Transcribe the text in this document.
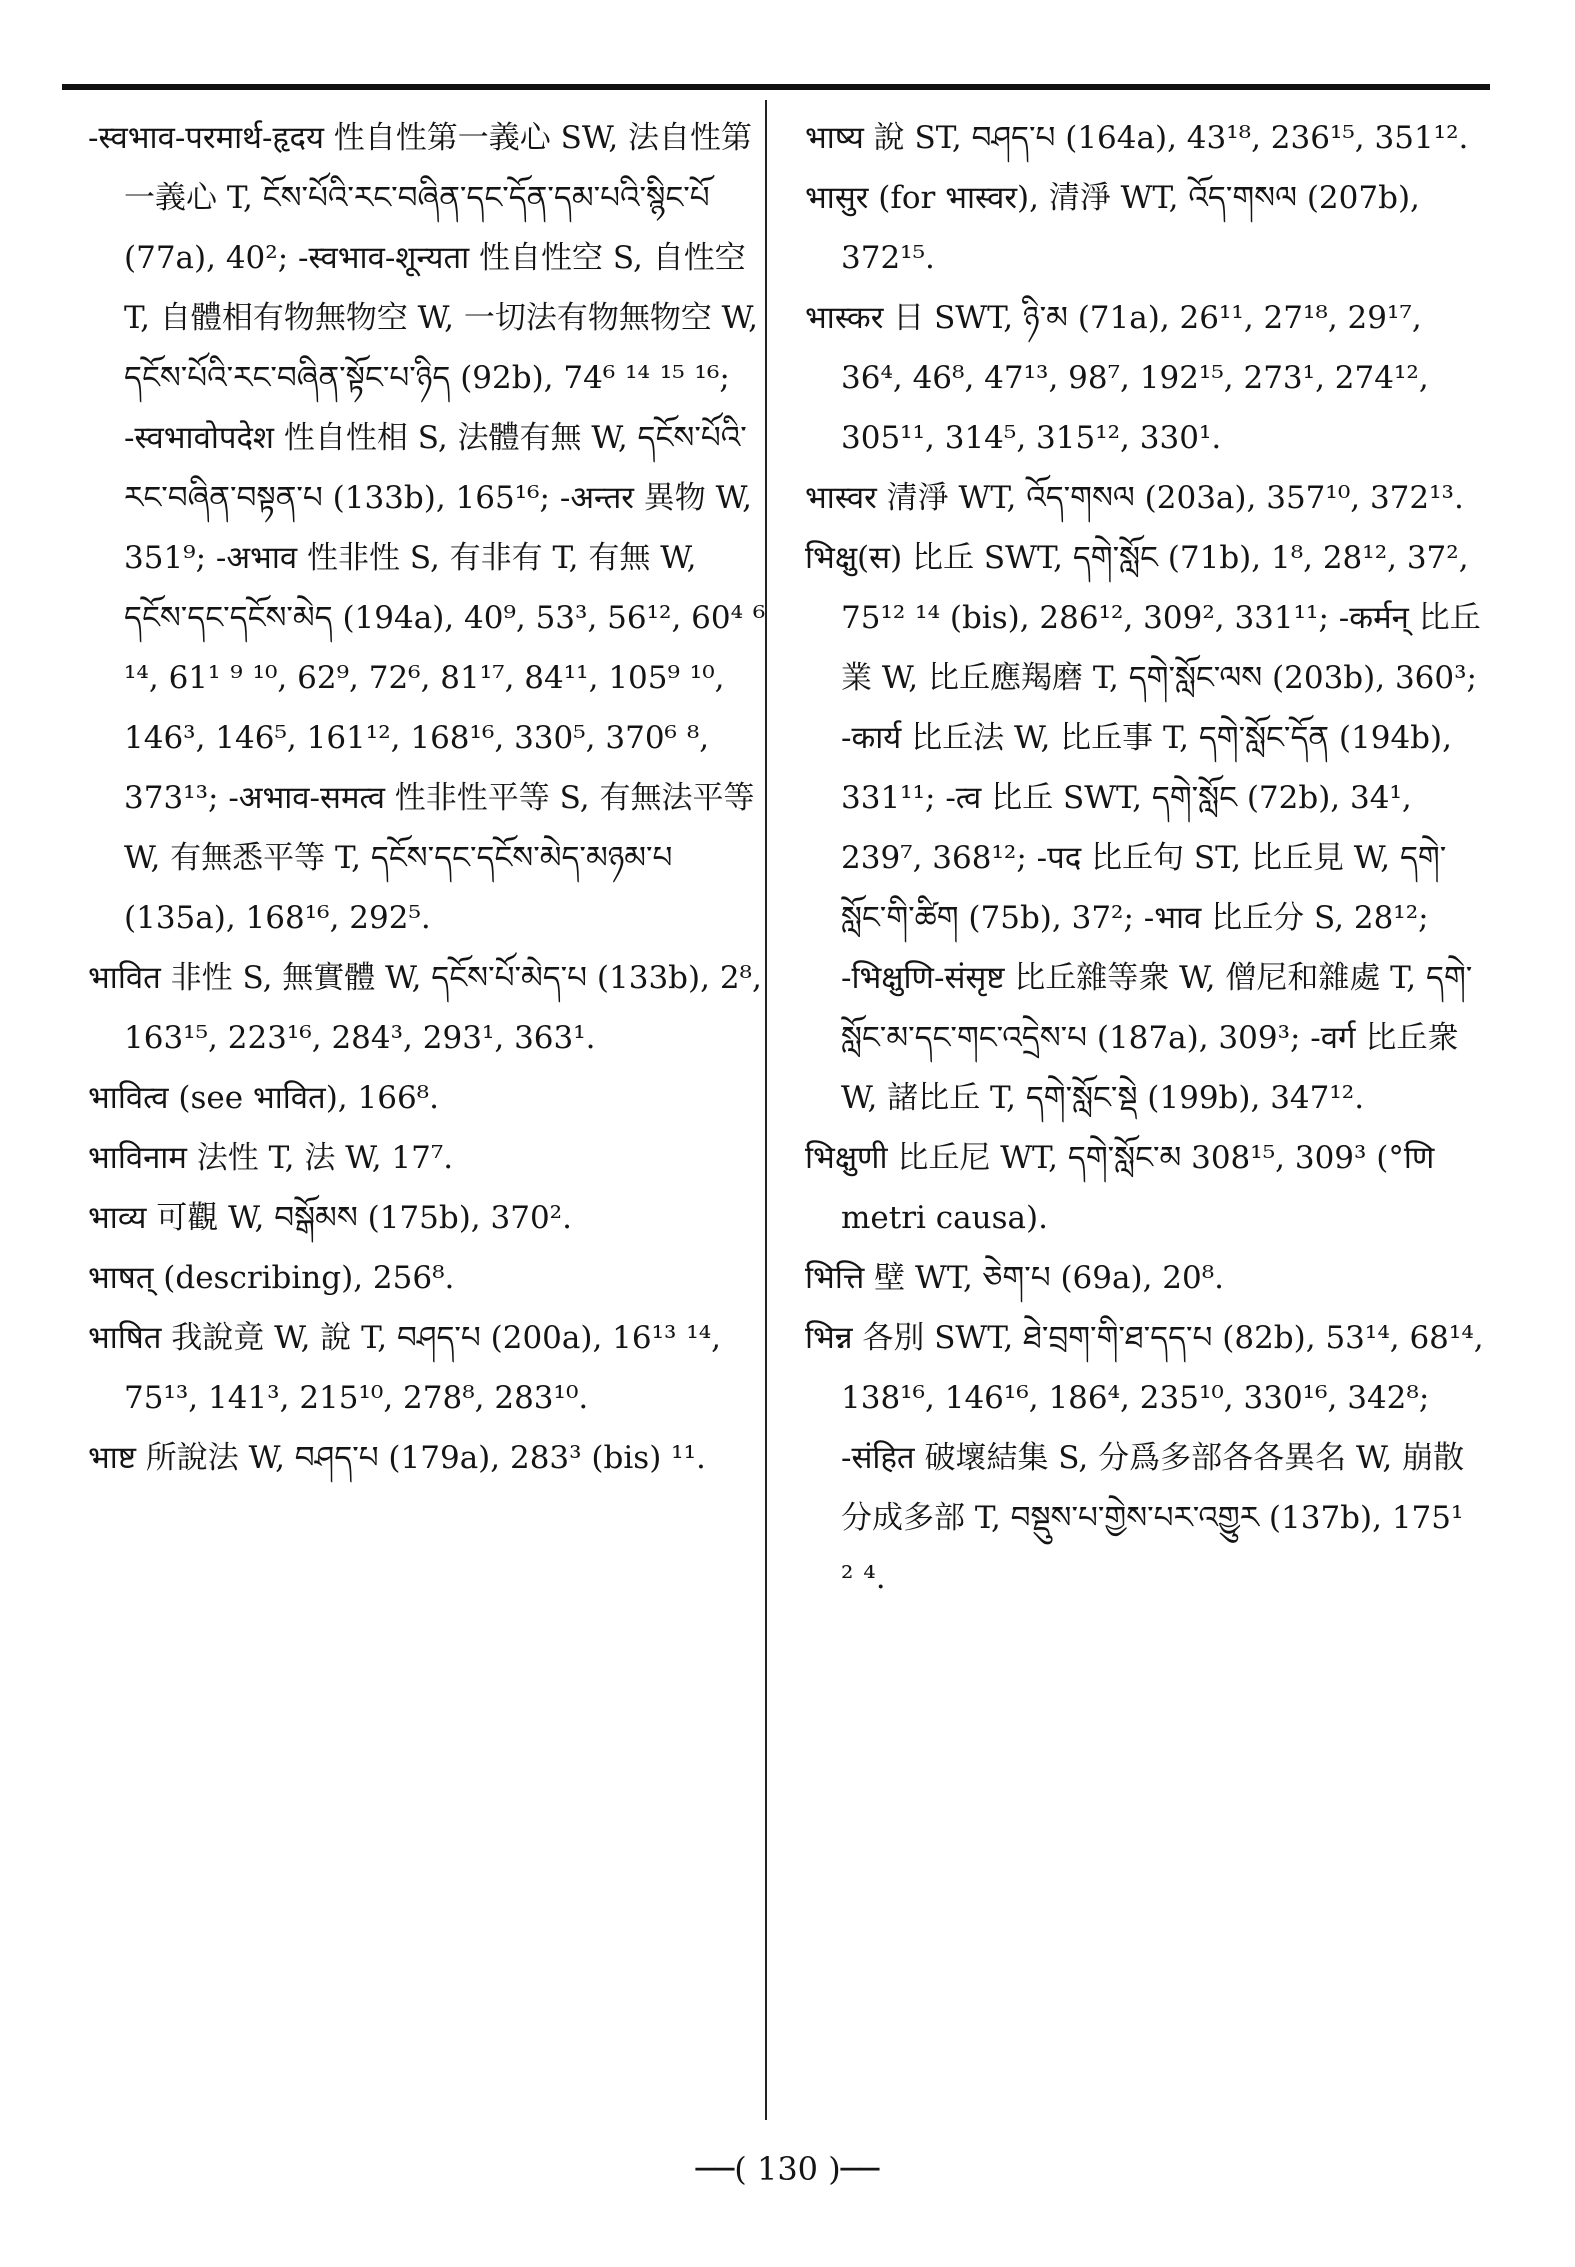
-स्वभाव-परमार्थ-हृदय 性自性第一義心 SW, 法自性第一義心 T, ངོས་པོའི་རང་བཞིན་དང་དོན་དམ་པའི་སྙིང་པོ (77a), 40²; -स्वभाव-शून्यता 性自性空 S, 自性空 T, 自體相有物無物空 W, 一切法有物無物空 W, དངོས་པོའི་རང་བཞིན་སྟོང་པ་ཉིད (92b), 74⁶ ¹⁴ ¹⁵ ¹⁶; -स्वभावोपदेश 性自性相 S, 法體有無 W, དངོས་པོའི་རང་བཞིན་བསྟན་པ (133b), 165¹⁶; -अन्तर 異物 W, 351⁹; -अभाव 性非性 S, 有非有 T, 有無 W, དངོས་དང་དངོས་མེད (194a), 40⁹, 53³, 56¹², 60⁴ ⁶ ¹⁴, 61¹ ⁹ ¹⁰, 62⁹, 72⁶, 81¹⁷, 84¹¹, 105⁹ ¹⁰, 146³, 146⁵, 161¹², 168¹⁶, 330⁵, 370⁶ ⁸, 373¹³; -अभाव-समत्व 性非性平等 S, 有無法平等 W, 有無悉平等 T, དངོས་དང་དངོས་མེད་མཉམ་པ (135a), 168¹⁶, 292⁵.

भावित 非性 S, 無實體 W, དངོས་པོ་མེད་པ (133b), 2⁸, 163¹⁵, 223¹⁶, 284³, 293¹, 363¹.

भावित्व (see भावित), 166⁸.

भाविनाम 法性 T, 法 W, 17⁷.

भाव्य 可觀 W, བསྒོམས (175b), 370².

भाषत् (describing), 256⁸.

भाषित 我說竟 W, 說 T, བཤད་པ (200a), 16¹³ ¹⁴, 75¹³, 141³, 215¹⁰, 278⁸, 283¹⁰.

भाष्ट 所說法 W, བཤད་པ (179a), 283³ (bis) ¹¹.

भाष्य 說 ST, བཤད་པ (164a), 43¹⁸, 236¹⁵, 351¹².

भासुर (for भास्वर), 清淨 WT, འོད་གསལ (207b), 372¹⁵.

भास्कर 日 SWT, ཉི་མ (71a), 26¹¹, 27¹⁸, 29¹⁷, 36⁴, 46⁸, 47¹³, 98⁷, 192¹⁵, 273¹, 274¹², 305¹¹, 314⁵, 315¹², 330¹.

भास्वर 清淨 WT, འོད་གསལ (203a), 357¹⁰, 372¹³.

भिक्षु(स) 比丘 SWT, དགེ་སློང (71b), 1⁸, 28¹², 37², 75¹² ¹⁴ (bis), 286¹², 309², 331¹¹; -कर्मन् 比丘業 W, 比丘應羯磨 T, དགེ་སློང་ལས (203b), 360³; -कार्य 比丘法 W, 比丘事 T, དགེ་སློང་དོན (194b), 331¹¹; -त्व 比丘 SWT, དགེ་སློང (72b), 34¹, 239⁷, 368¹²; -पद 比丘句 ST, 比丘見 W, དགེ་སློང་གི་ཚིག (75b), 37²; -भाव 比丘分 S, 28¹²; -भिक्षुणि-संसृष्ट 比丘雜等衆 W, 僧尼和雜處 T, དགེ་སློང་མ་དང་གང་འདྲེས་པ (187a), 309³; -वर्ग 比丘衆 W, 諸比丘 T, དགེ་སློང་སྡེ (199b), 347¹².

भिक्षुणी 比丘尼 WT, དགེ་སློང་མ 308¹⁵, 309³ (°णि metri causa).

भित्ति 壁 WT, ཅེག་པ (69a), 20⁸.

भिन्न 各別 SWT, ཐེ་བྲག་གི་ཐ་དད་པ (82b), 53¹⁴, 68¹⁴, 138¹⁶, 146¹⁶, 186⁴, 235¹⁰, 330¹⁶, 342⁸; -संहित 破壞結集 S, 分爲多部各各異名 W, 崩散分成多部 T, བསྡུས་པ་གྱེས་པར་འགྱུར (137b), 175¹ ² ⁴.

──( 130 )──
